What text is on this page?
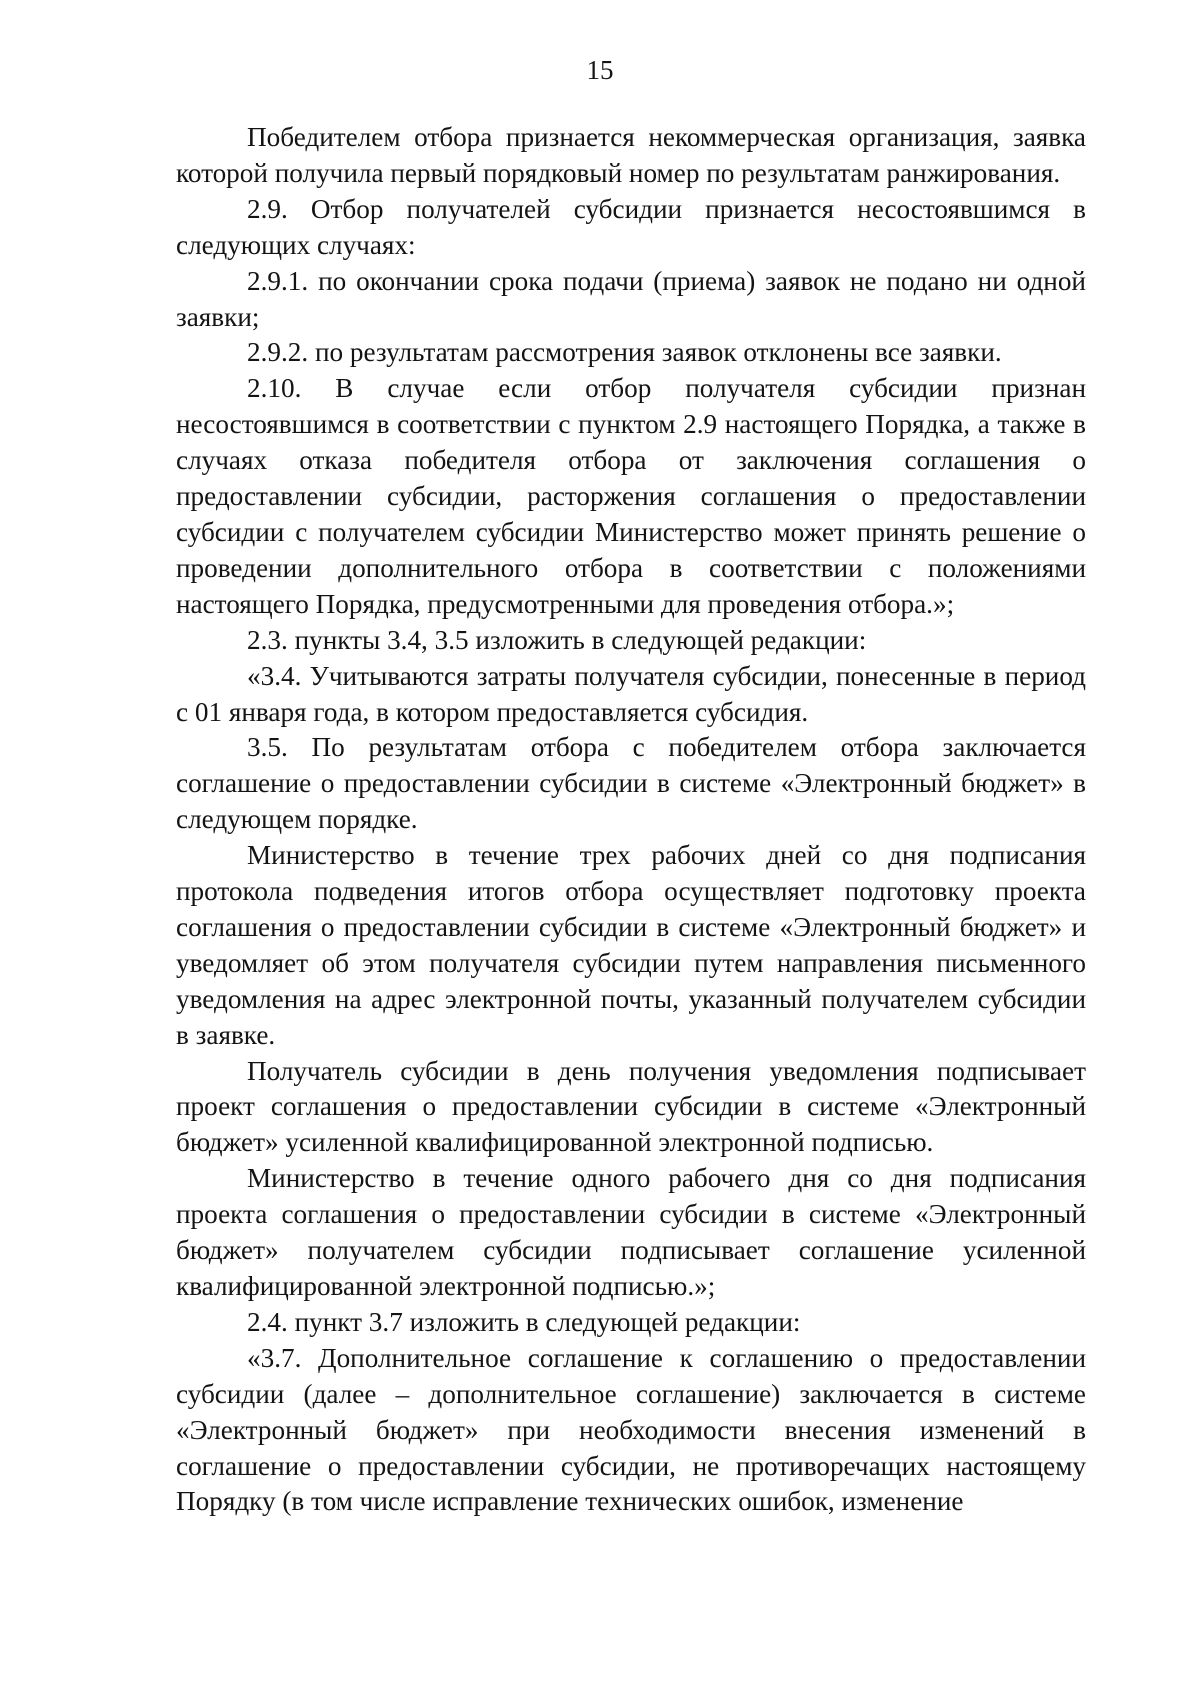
15

Победителем отбора признается некоммерческая организация, заявка которой получила первый порядковый номер по результатам ранжирования.

2.9. Отбор получателей субсидии признается несостоявшимся в следующих случаях:

2.9.1. по окончании срока подачи (приема) заявок не подано ни одной заявки;

2.9.2. по результатам рассмотрения заявок отклонены все заявки.

2.10. В случае если отбор получателя субсидии признан несостоявшимся в соответствии с пунктом 2.9 настоящего Порядка, а также в случаях отказа победителя отбора от заключения соглашения о предоставлении субсидии, расторжения соглашения о предоставлении субсидии с получателем субсидии Министерство может принять решение о проведении дополнительного отбора в соответствии с положениями настоящего Порядка, предусмотренными для проведения отбора.»;

2.3. пункты 3.4, 3.5 изложить в следующей редакции:

«3.4. Учитываются затраты получателя субсидии, понесенные в период с 01 января года, в котором предоставляется субсидия.

3.5. По результатам отбора с победителем отбора заключается соглашение о предоставлении субсидии в системе «Электронный бюджет» в следующем порядке.

Министерство в течение трех рабочих дней со дня подписания протокола подведения итогов отбора осуществляет подготовку проекта соглашения о предоставлении субсидии в системе «Электронный бюджет» и уведомляет об этом получателя субсидии путем направления письменного уведомления на адрес электронной почты, указанный получателем субсидии в заявке.

Получатель субсидии в день получения уведомления подписывает проект соглашения о предоставлении субсидии в системе «Электронный бюджет» усиленной квалифицированной электронной подписью.

Министерство в течение одного рабочего дня со дня подписания проекта соглашения о предоставлении субсидии в системе «Электронный бюджет» получателем субсидии подписывает соглашение усиленной квалифицированной электронной подписью.»;

2.4. пункт 3.7 изложить в следующей редакции:

«3.7. Дополнительное соглашение к соглашению о предоставлении субсидии (далее – дополнительное соглашение) заключается в системе «Электронный бюджет» при необходимости внесения изменений в соглашение о предоставлении субсидии, не противоречащих настоящему Порядку (в том числе исправление технических ошибок, изменение
